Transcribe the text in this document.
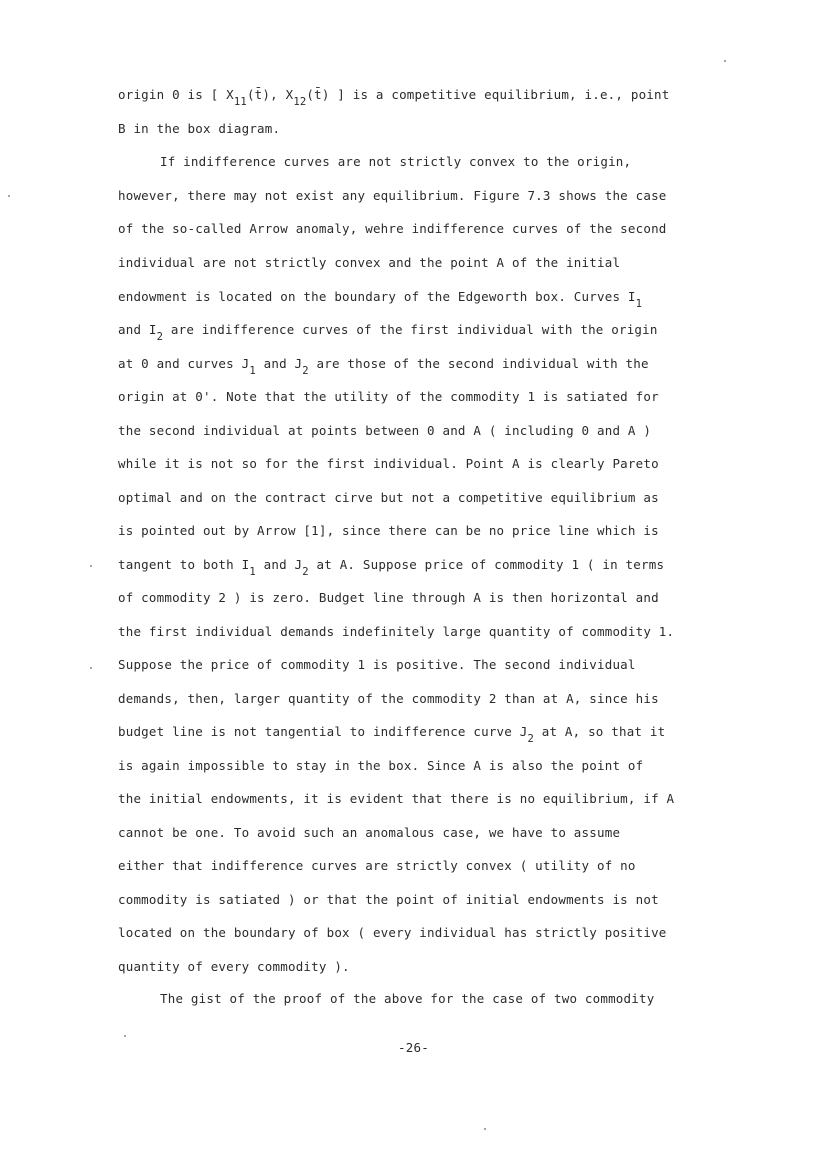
origin 0 is [ $X_{11}(t̄)$, $X_{12}(t̄)$ ] is a competitive equilibrium, i.e., point
B in the box diagram.
If indifference curves are not strictly convex to the origin,
however, there may not exist any equilibrium. Figure 7.3 shows the case
of the so-called Arrow anomaly, wehre indifference curves of the second
individual are not strictly convex and the point A of the initial
endowment is located on the boundary of the Edgeworth box. Curves $I_1$
and $I_2$ are indifference curves of the first individual with the origin
at 0 and curves $J_1$ and $J_2$ are those of the second individual with the
origin at 0'. Note that the utility of the commodity 1 is satiated for
the second individual at points between 0 and A ( including 0 and A )
while it is not so for the first individual. Point A is clearly Pareto
optimal and on the contract cirve but not a competitive equilibrium as
is pointed out by Arrow [1], since there can be no price line which is
tangent to both $I_1$ and $J_2$ at A. Suppose price of commodity 1 ( in terms
of commodity 2 ) is zero. Budget line through A is then horizontal and
the first individual demands indefinitely large quantity of commodity 1.
Suppose the price of commodity 1 is positive. The second individual
demands, then, larger quantity of the commodity 2 than at A, since his
budget line is not tangential to indifference curve $J_2$ at A, so that it
is again impossible to stay in the box. Since A is also the point of
the initial endowments, it is evident that there is no equilibrium, if A
cannot be one. To avoid such an anomalous case, we have to assume
either that indifference curves are strictly convex ( utility of no
commodity is satiated ) or that the point of initial endowments is not
located on the boundary of box ( every individual has strictly positive
quantity of every commodity ).
The gist of the proof of the above for the case of two commodity
-26-
